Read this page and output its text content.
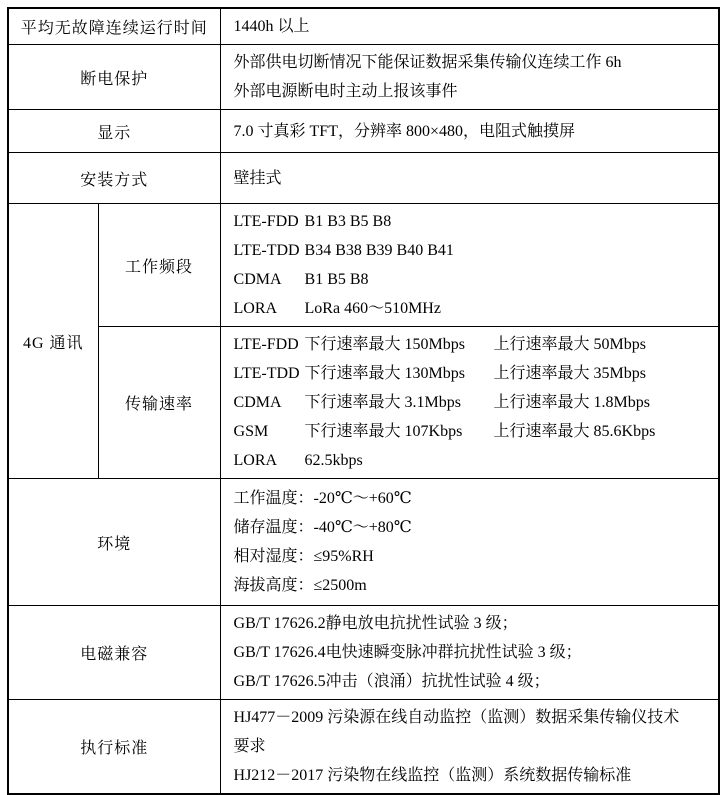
平均无故障连续运行时间		1440h 以上

断电保护		外部供电切断情况下能保证数据采集传输仪连续工作 6h
外部电源断电时主动上报该事件

显示		7.0 寸真彩 TFT，分辨率 800×480，电阻式触摸屏

安装方式		壁挂式

4G 通讯	工作频段	
LTE-FDD B1 B3 B5 B8
LTE-TDD B34 B38 B39 B40 B41
CDMA	B1 B5 B8
LORA	LoRa 460～510MHz

传输速率	
LTE-FDD 下行速率最大 150Mbps	上行速率最大 50Mbps
LTE-TDD 下行速率最大 130Mbps	上行速率最大 35Mbps
CDMA	下行速率最大 3.1Mbps	上行速率最大 1.8Mbps
GSM	下行速率最大 107Kbps	上行速率最大 85.6Kbps
LORA	62.5kbps

环境		工作温度：-20℃～+60℃
储存温度：-40℃～+80℃
相对湿度：≤95%RH
海拔高度：≤2500m

电磁兼容		GB/T 17626.2静电放电抗扰性试验 3 级；
GB/T 17626.4电快速瞬变脉冲群抗扰性试验 3 级；
GB/T 17626.5冲击（浪涌）抗扰性试验 4 级；

执行标准		HJ477－2009 污染源在线自动监控（监测）数据采集传输仪技术要求
HJ212－2017 污染物在线监控（监测）系统数据传输标准
